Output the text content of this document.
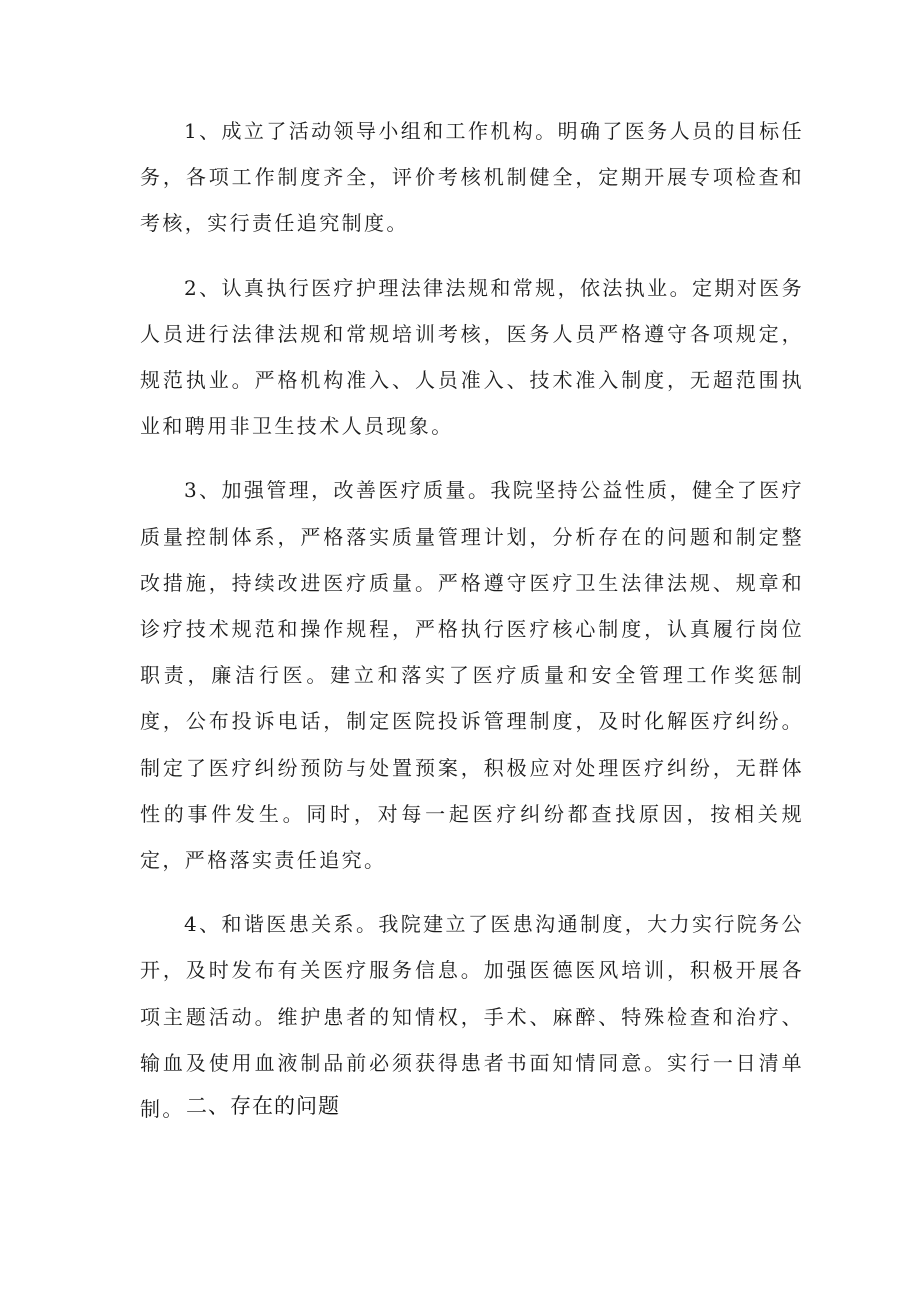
1、成立了活动领导小组和工作机构。明确了医务人员的目标任务，各项工作制度齐全，评价考核机制健全，定期开展专项检查和考核，实行责任追究制度。

2、认真执行医疗护理法律法规和常规，依法执业。定期对医务人员进行法律法规和常规培训考核，医务人员严格遵守各项规定，规范执业。严格机构准入、人员准入、技术准入制度，无超范围执业和聘用非卫生技术人员现象。

3、加强管理，改善医疗质量。我院坚持公益性质，健全了医疗质量控制体系，严格落实质量管理计划，分析存在的问题和制定整改措施，持续改进医疗质量。严格遵守医疗卫生法律法规、规章和诊疗技术规范和操作规程，严格执行医疗核心制度，认真履行岗位职责，廉洁行医。建立和落实了医疗质量和安全管理工作奖惩制度，公布投诉电话，制定医院投诉管理制度，及时化解医疗纠纷。制定了医疗纠纷预防与处置预案，积极应对处理医疗纠纷，无群体性的事件发生。同时，对每一起医疗纠纷都查找原因，按相关规定，严格落实责任追究。

4、和谐医患关系。我院建立了医患沟通制度，大力实行院务公开，及时发布有关医疗服务信息。加强医德医风培训，积极开展各项主题活动。维护患者的知情权，手术、麻醉、特殊检查和治疗、输血及使用血液制品前必须获得患者书面知情同意。实行一日清单制。 二、存在的问题
